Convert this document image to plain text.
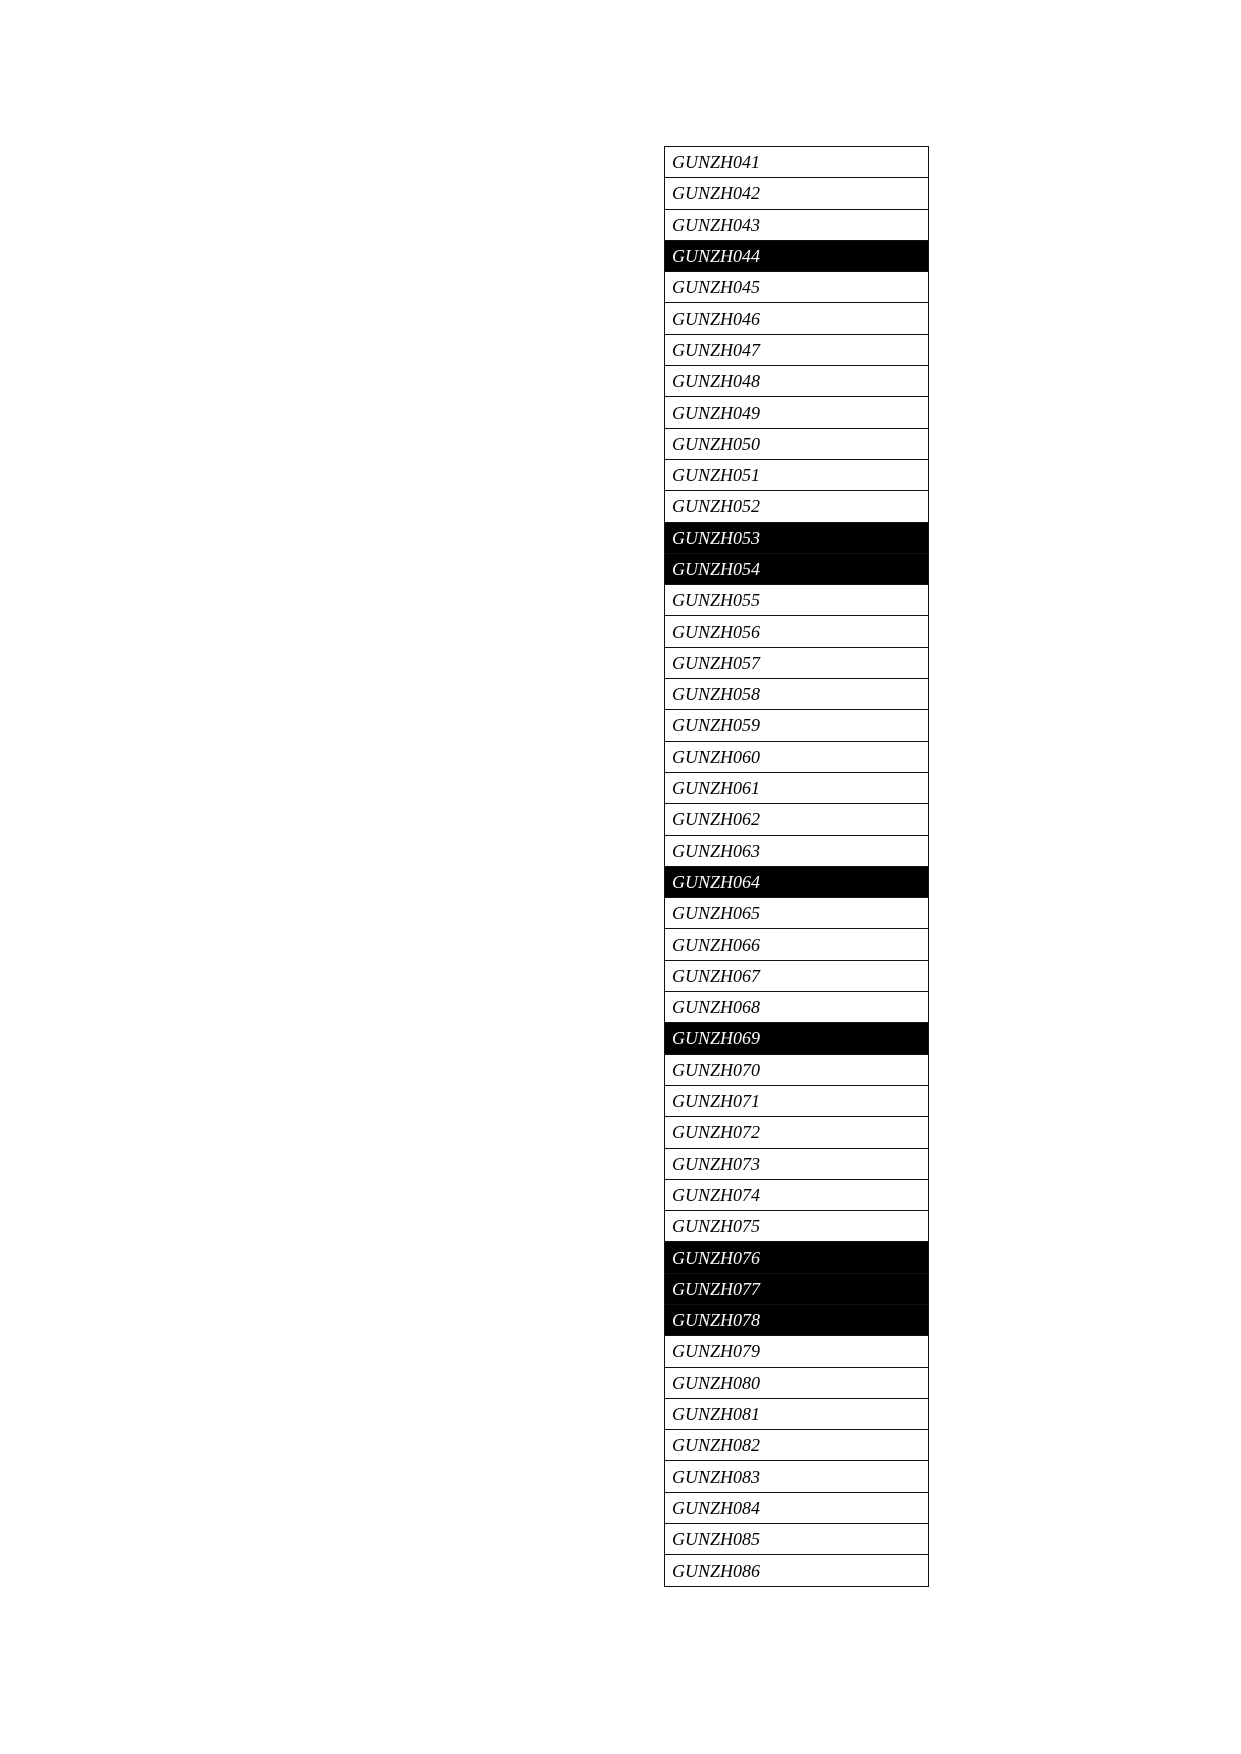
GUNZH041
GUNZH042
GUNZH043
GUNZH044
GUNZH045
GUNZH046
GUNZH047
GUNZH048
GUNZH049
GUNZH050
GUNZH051
GUNZH052
GUNZH053
GUNZH054
GUNZH055
GUNZH056
GUNZH057
GUNZH058
GUNZH059
GUNZH060
GUNZH061
GUNZH062
GUNZH063
GUNZH064
GUNZH065
GUNZH066
GUNZH067
GUNZH068
GUNZH069
GUNZH070
GUNZH071
GUNZH072
GUNZH073
GUNZH074
GUNZH075
GUNZH076
GUNZH077
GUNZH078
GUNZH079
GUNZH080
GUNZH081
GUNZH082
GUNZH083
GUNZH084
GUNZH085
GUNZH086
